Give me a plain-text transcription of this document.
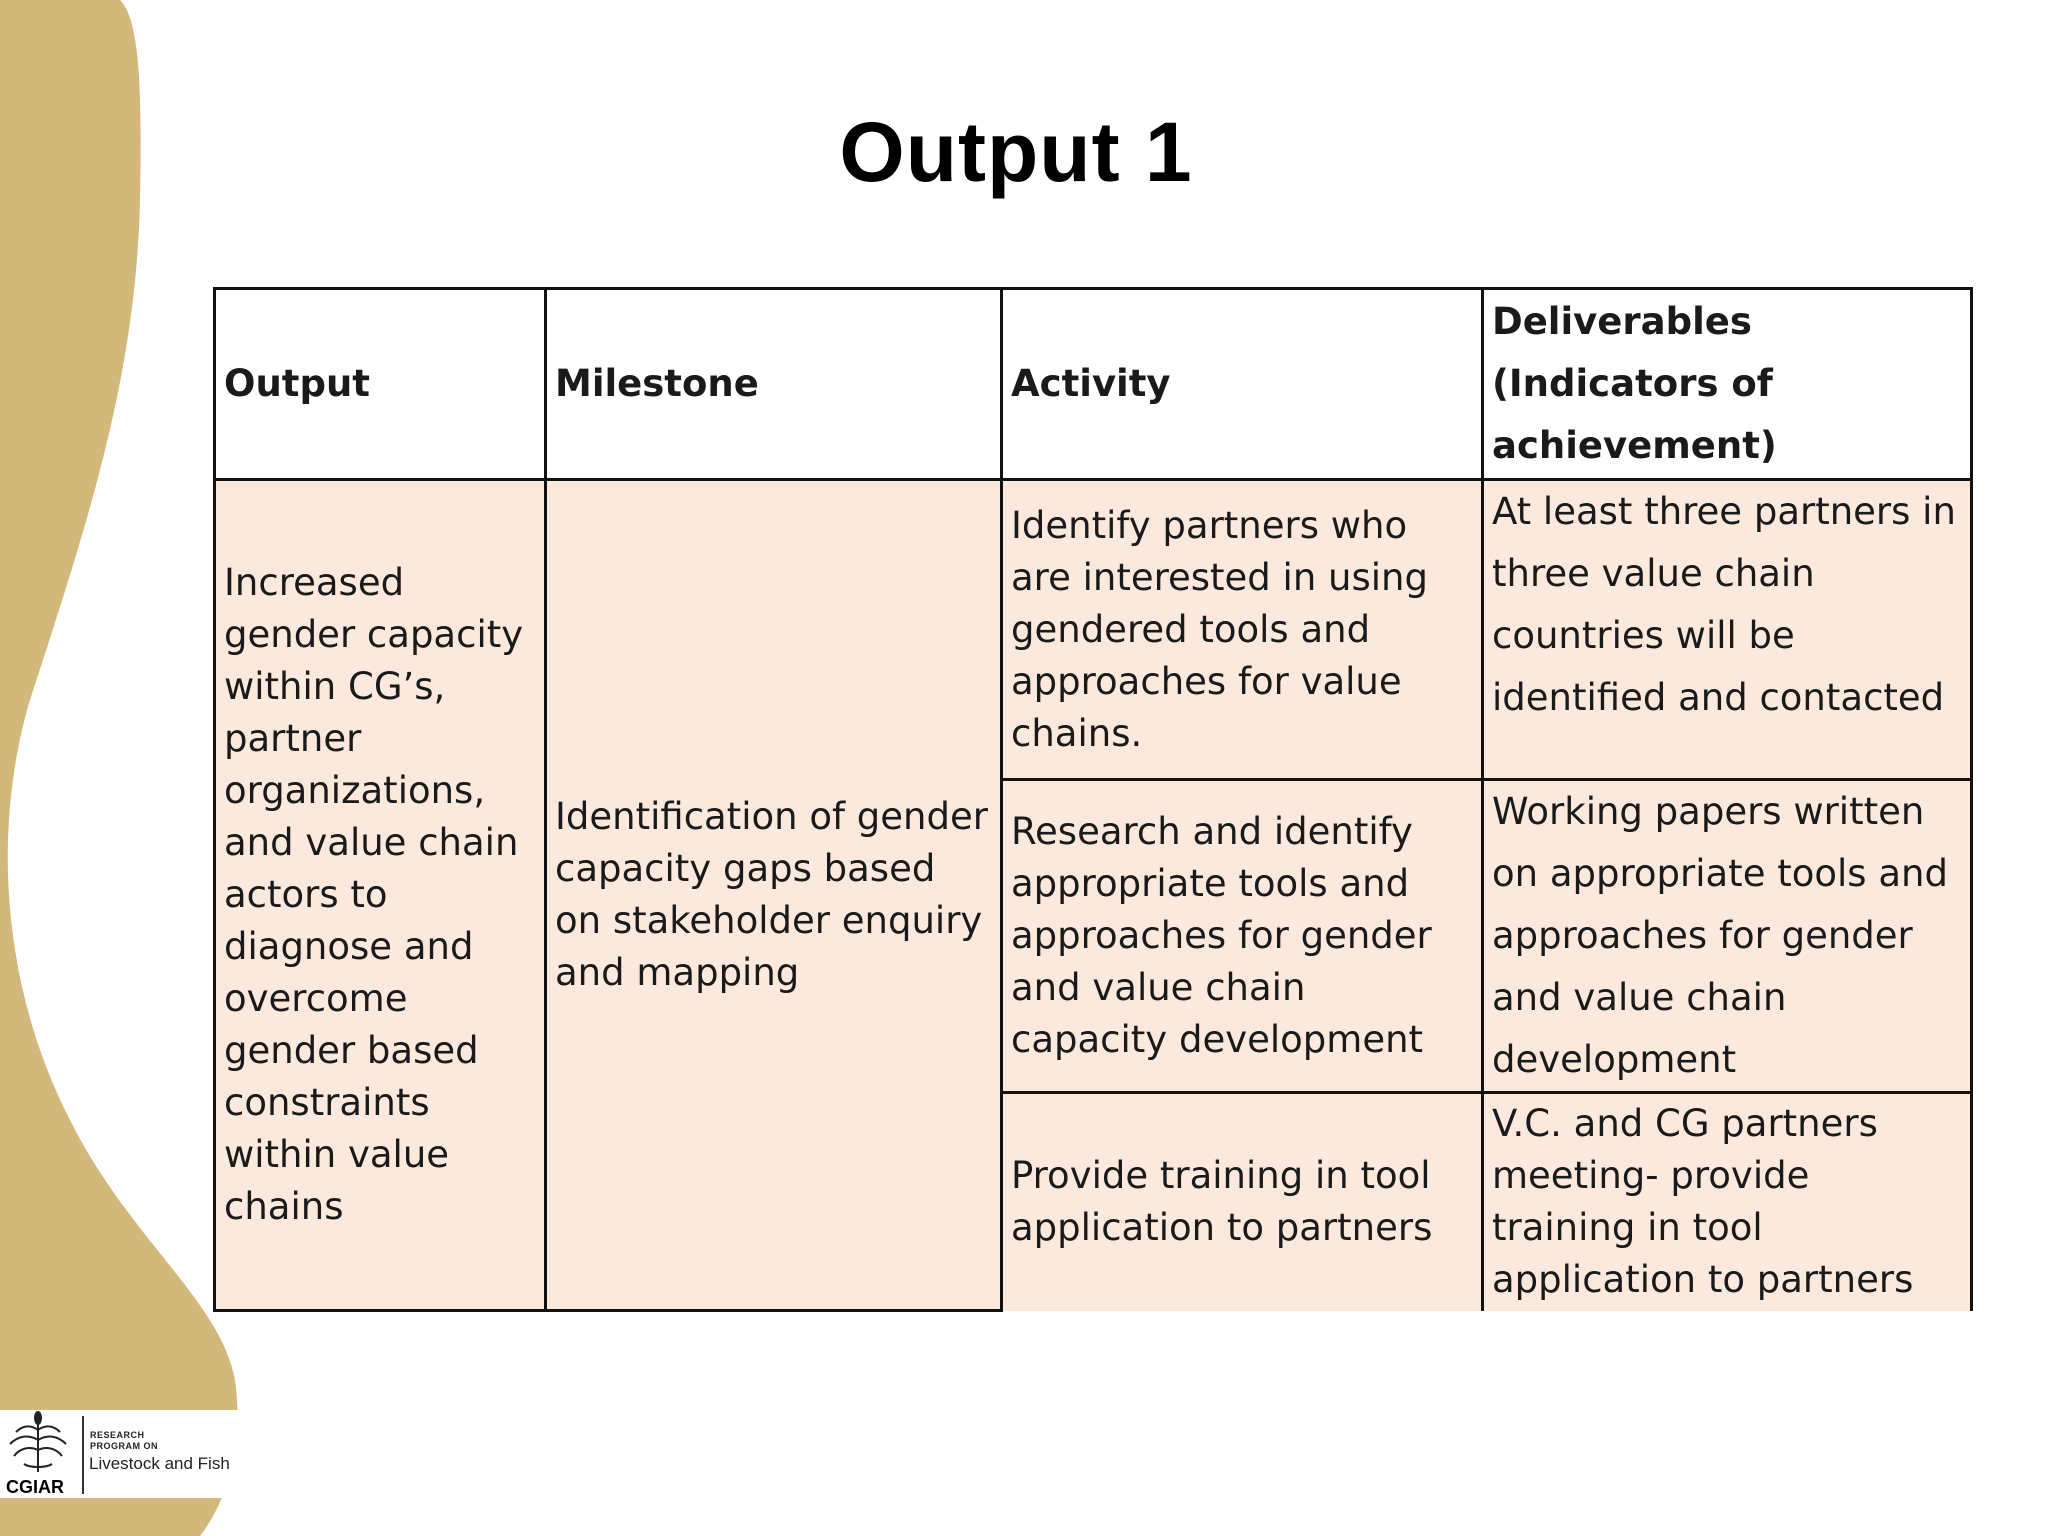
Output 1
Output	Milestone	Activity	Deliverables (Indicators of achievement)
Increased gender capacity within CG’s, partner organizations, and value chain actors to diagnose and overcome gender based constraints within value chains	Identification of gender capacity gaps based on stakeholder enquiry and mapping	Identify partners who are interested in using gendered tools and approaches for value chains.	At least three partners in three value chain countries will be identified and contacted
		Research and identify appropriate tools and approaches for gender and value chain capacity development	Working papers written on appropriate tools and approaches for gender and value chain development
		Provide training in tool application to partners	V.C. and CG partners meeting- provide training in tool application to partners
CGIAR
RESEARCH
PROGRAM ON
Livestock and Fish
